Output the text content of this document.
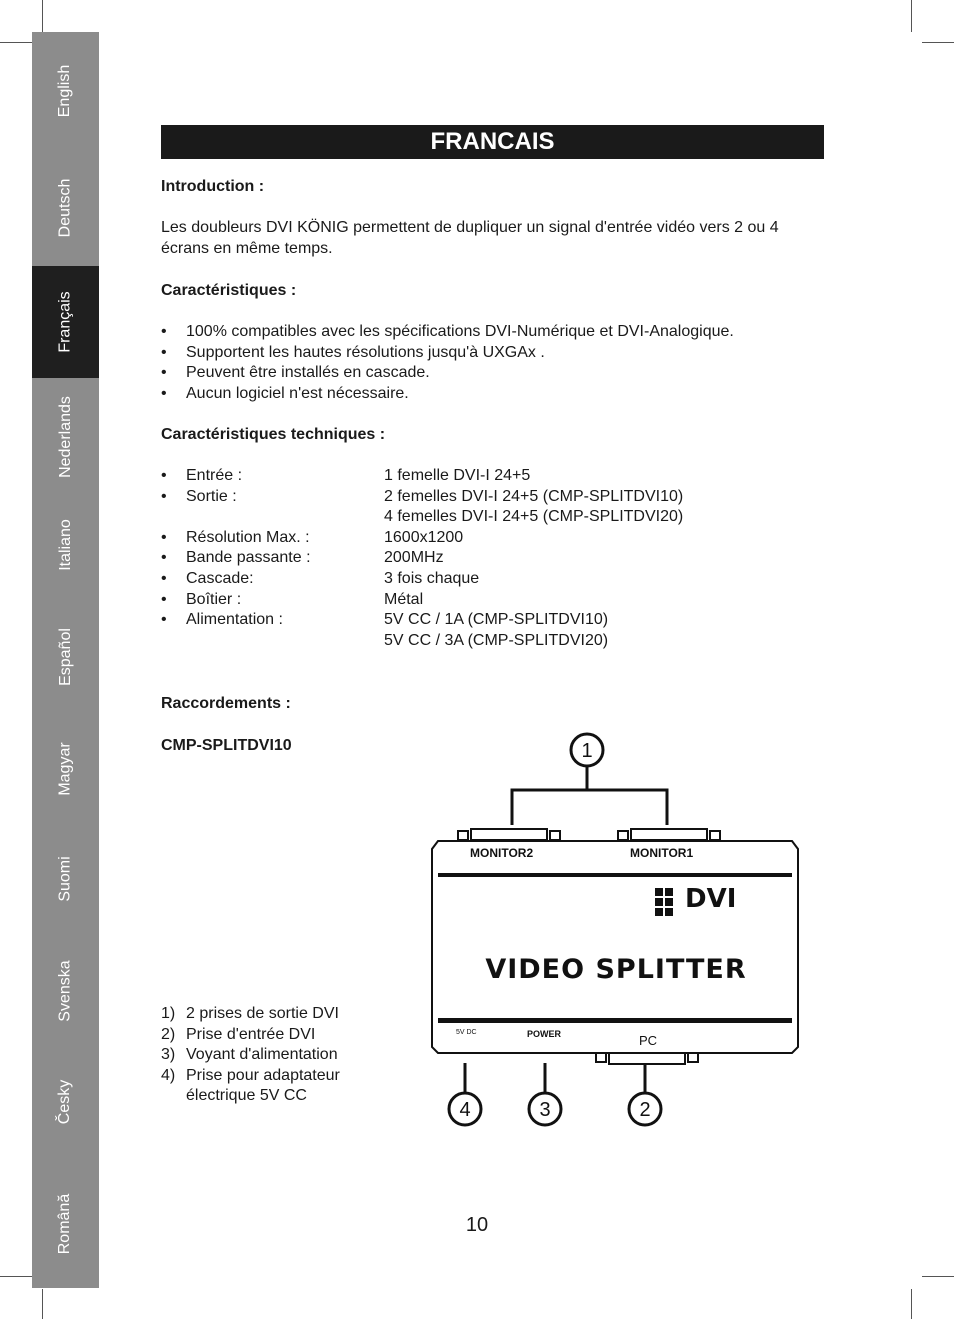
English
Deutsch
Français
Nederlands
Italiano
Español
Magyar
Suomi
Svenska
Česky
Română
FRANCAIS
Introduction :
Les doubleurs DVI KÖNIG permettent de dupliquer un signal d'entrée vidéo vers 2 ou 4
écrans en même temps.
Caractéristiques :
• 100% compatibles avec les spécifications DVI-Numérique et DVI-Analogique.
• Supportent les hautes résolutions jusqu'à UXGAx .
• Peuvent être installés en cascade.
• Aucun logiciel n'est nécessaire.
Caractéristiques techniques :
• Entrée :	1 femelle DVI-I 24+5
• Sortie :	2 femelles DVI-I 24+5 (CMP-SPLITDVI10)
4 femelles DVI-I 24+5 (CMP-SPLITDVI20)
• Résolution Max. :	1600x1200
• Bande passante :	200MHz
• Cascade:	3 fois chaque
• Boîtier :	Métal
• Alimentation :	5V CC / 1A (CMP-SPLITDVI10)
5V CC / 3A (CMP-SPLITDVI20)
Raccordements :
CMP-SPLITDVI10
1) 2 prises de sortie DVI
2) Prise d'entrée DVI
3) Voyant d'alimentation
4) Prise pour adaptateur électrique 5V CC
1
MONITOR2	MONITOR1
DVI
VIDEO SPLITTER
5V DC	POWER	PC
4	3	2
10
